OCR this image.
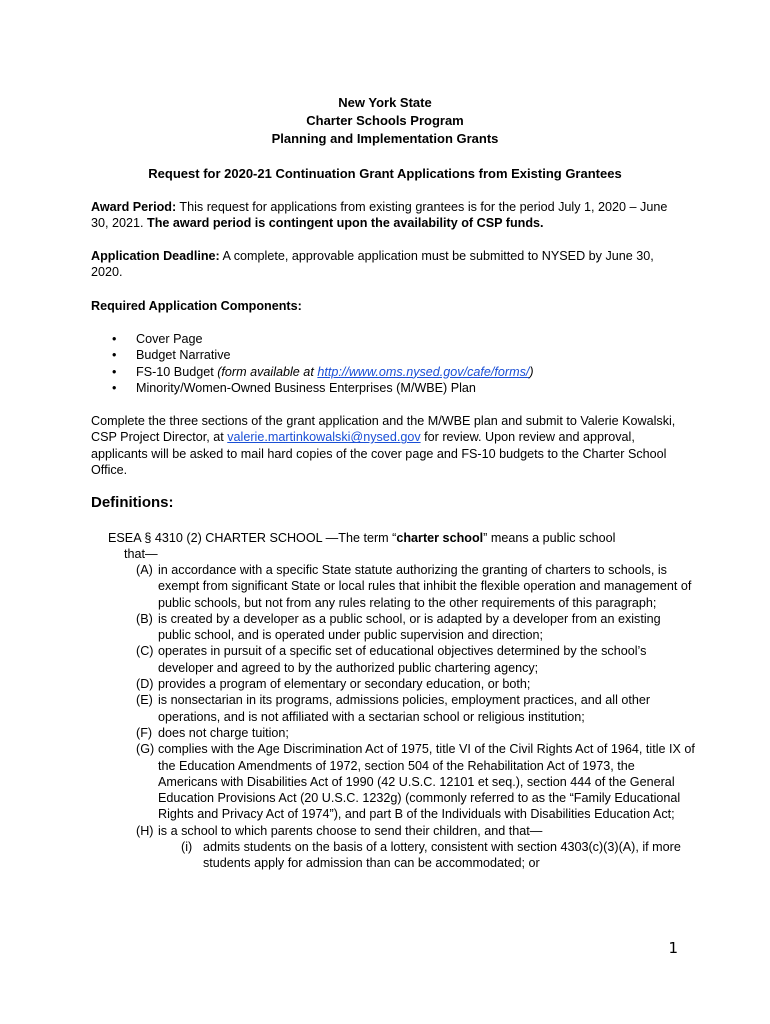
New York State
Charter Schools Program
Planning and Implementation Grants
Request for 2020-21 Continuation Grant Applications from Existing Grantees
Award Period: This request for applications from existing grantees is for the period July 1, 2020 – June 30, 2021. The award period is contingent upon the availability of CSP funds.
Application Deadline: A complete, approvable application must be submitted to NYSED by June 30, 2020.
Required Application Components:
• Cover Page
• Budget Narrative
• FS-10 Budget (form available at http://www.oms.nysed.gov/cafe/forms/)
• Minority/Women-Owned Business Enterprises (M/WBE) Plan
Complete the three sections of the grant application and the M/WBE plan and submit to Valerie Kowalski, CSP Project Director, at valerie.martinkowalski@nysed.gov for review. Upon review and approval, applicants will be asked to mail hard copies of the cover page and FS-10 budgets to the Charter School Office.
Definitions:
ESEA § 4310 (2) CHARTER SCHOOL —The term “charter school” means a public school
that—
(A) in accordance with a specific State statute authorizing the granting of charters to schools, is exempt from significant State or local rules that inhibit the flexible operation and management of public schools, but not from any rules relating to the other requirements of this paragraph;
(B) is created by a developer as a public school, or is adapted by a developer from an existing public school, and is operated under public supervision and direction;
(C) operates in pursuit of a specific set of educational objectives determined by the school’s developer and agreed to by the authorized public chartering agency;
(D) provides a program of elementary or secondary education, or both;
(E) is nonsectarian in its programs, admissions policies, employment practices, and all other operations, and is not affiliated with a sectarian school or religious institution;
(F) does not charge tuition;
(G) complies with the Age Discrimination Act of 1975, title VI of the Civil Rights Act of 1964, title IX of the Education Amendments of 1972, section 504 of the Rehabilitation Act of 1973, the Americans with Disabilities Act of 1990 (42 U.S.C. 12101 et seq.), section 444 of the General Education Provisions Act (20 U.S.C. 1232g) (commonly referred to as the “Family Educational Rights and Privacy Act of 1974”), and part B of the Individuals with Disabilities Education Act;
(H) is a school to which parents choose to send their children, and that—
(i) admits students on the basis of a lottery, consistent with section 4303(c)(3)(A), if more students apply for admission than can be accommodated; or
1
